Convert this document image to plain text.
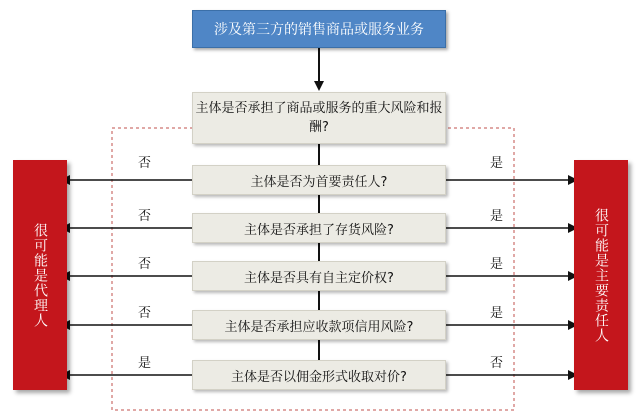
涉及第三方的销售商品或服务业务
主体是否承担了商品或服务的重大风险和报酬?
很可能是代理人	很可能是主要责任人
主体是否为首要责任人?
主体是否承担了存货风险?
主体是否具有自主定价权?
主体是否承担应收款项信用风险?
主体是否以佣金形式收取对价?
否	是
否	是
否	是
否	是
是	否
